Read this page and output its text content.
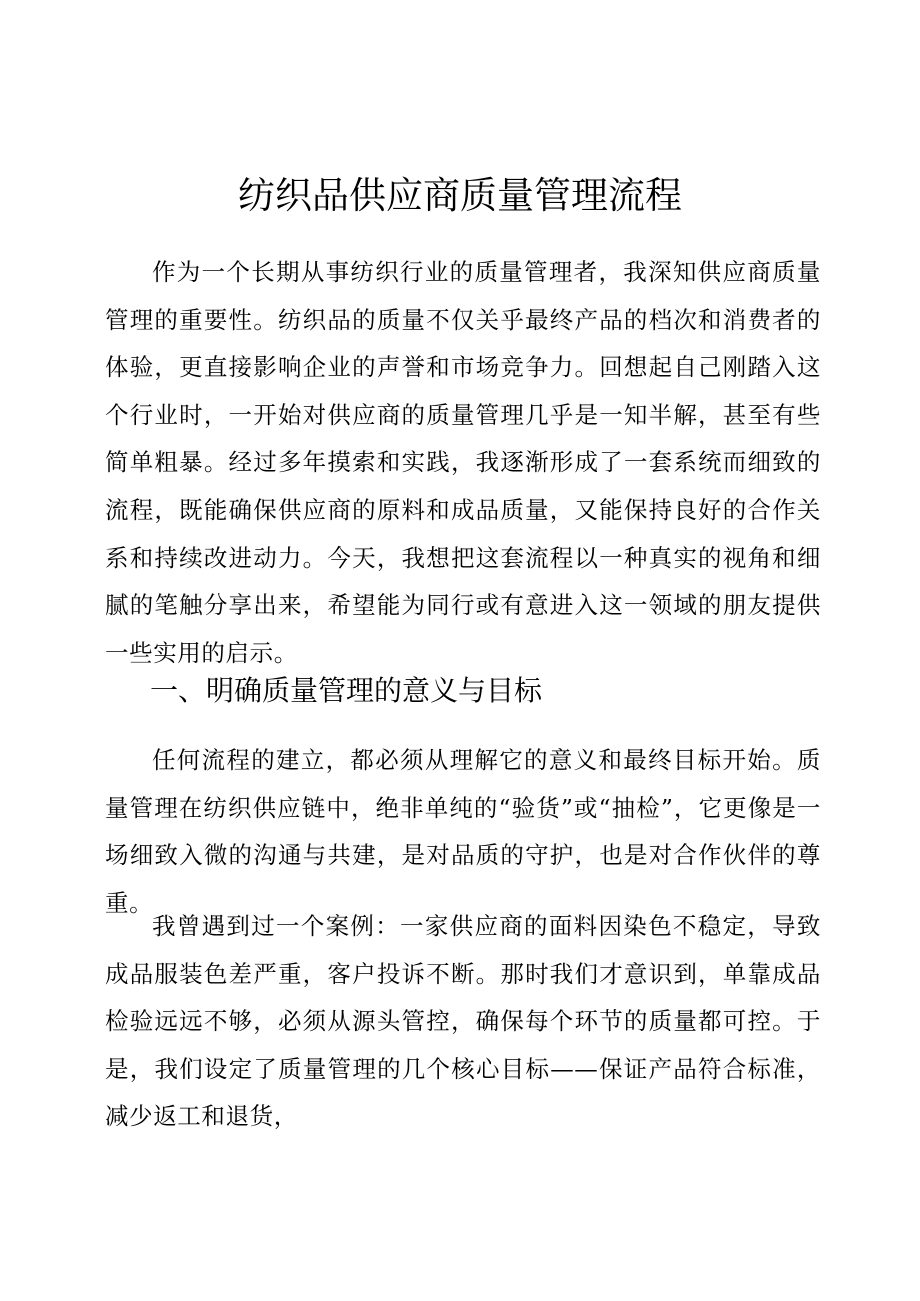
纺织品供应商质量管理流程

作为一个长期从事纺织行业的质量管理者，我深知供应商质量管理的重要性。纺织品的质量不仅关乎最终产品的档次和消费者的体验，更直接影响企业的声誉和市场竞争力。回想起自己刚踏入这个行业时，一开始对供应商的质量管理几乎是一知半解，甚至有些简单粗暴。经过多年摸索和实践，我逐渐形成了一套系统而细致的流程，既能确保供应商的原料和成品质量，又能保持良好的合作关系和持续改进动力。今天，我想把这套流程以一种真实的视角和细腻的笔触分享出来，希望能为同行或有意进入这一领域的朋友提供一些实用的启示。

一、明确质量管理的意义与目标

任何流程的建立，都必须从理解它的意义和最终目标开始。质量管理在纺织供应链中，绝非单纯的“验货”或“抽检”，它更像是一场细致入微的沟通与共建，是对品质的守护，也是对合作伙伴的尊重。

我曾遇到过一个案例：一家供应商的面料因染色不稳定，导致成品服装色差严重，客户投诉不断。那时我们才意识到，单靠成品检验远远不够，必须从源头管控，确保每个环节的质量都可控。于是，我们设定了质量管理的几个核心目标——保证产品符合标准，减少返工和退货，
